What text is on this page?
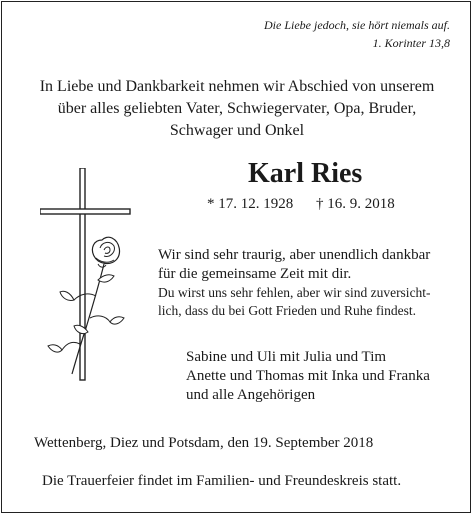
Die Liebe jedoch, sie hört niemals auf.
1. Korinter 13,8
In Liebe und Dankbarkeit nehmen wir Abschied von unserem
über alles geliebten Vater, Schwiegervater, Opa, Bruder,
Schwager und Onkel
Karl Ries
* 17. 12. 1928 † 16. 9. 2018
Wir sind sehr traurig, aber unendlich dankbar
für die gemeinsame Zeit mit dir.
Du wirst uns sehr fehlen, aber wir sind zuversicht-
lich, dass du bei Gott Frieden und Ruhe findest.
Sabine und Uli mit Julia und Tim
Anette und Thomas mit Inka und Franka
und alle Angehörigen
Wettenberg, Diez und Potsdam, den 19. September 2018
Die Trauerfeier findet im Familien- und Freundeskreis statt.
